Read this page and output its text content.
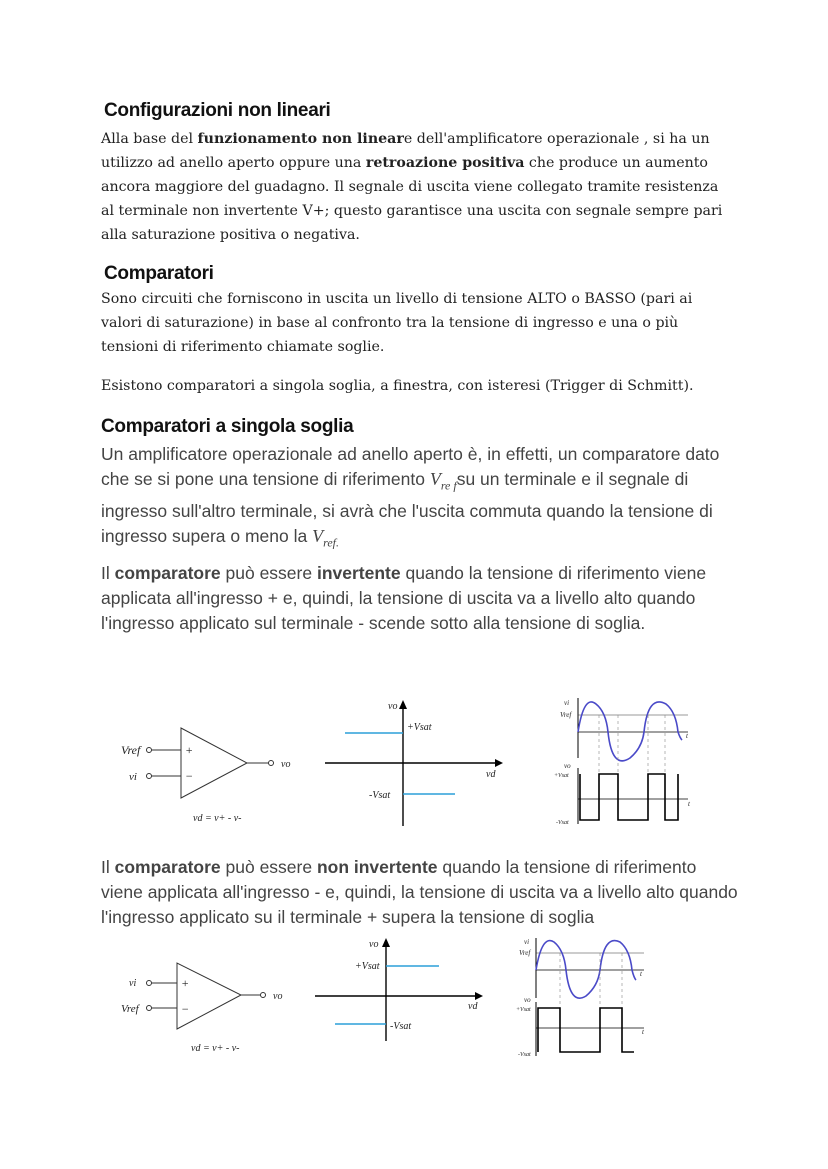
Configurazioni non lineari
Alla base del funzionamento non lineare dell'amplificatore operazionale , si ha un utilizzo ad anello aperto oppure una retroazione positiva che produce un aumento ancora maggiore del guadagno. Il segnale di uscita viene collegato tramite resistenza al terminale non invertente V+; questo garantisce una uscita con segnale sempre pari alla saturazione positiva o negativa.
Comparatori
Sono circuiti che forniscono in uscita un livello di tensione ALTO o BASSO (pari ai valori di saturazione) in base al confronto tra la tensione di ingresso e una o più tensioni di riferimento chiamate soglie.
Esistono comparatori a singola soglia, a finestra, con isteresi (Trigger di Schmitt).
Comparatori a singola soglia
Un amplificatore operazionale ad anello aperto è, in effetti, un comparatore dato che se si pone una tensione di riferimento $V_{re f}su$ un terminale e il segnale di ingresso sull'altro terminale, si avrà che l'uscita commuta quando la tensione di ingresso supera o meno la $V_{ref.}$
Il comparatore può essere invertente quando la tensione di riferimento viene applicata all'ingresso + e, quindi, la tensione di uscita va a livello alto quando l'ingresso applicato sul terminale - scende sotto alla tensione di soglia.
Vref
vi
+
−
vo
vd = v+ - v-
vo
+Vsat
-Vsat
vd
vi
Vref
t
vo
+Vsat
t
-Vsat
Il comparatore può essere non invertente quando la tensione di riferimento viene applicata all'ingresso - e, quindi, la tensione di uscita va a livello alto quando l'ingresso applicato su il terminale + supera la tensione di soglia
vi
Vref
+
−
vo
vd = v+ - v-
vo
+Vsat
-Vsat
vd
vi
Vref
t
vo
+Vsat
t
-Vsat
